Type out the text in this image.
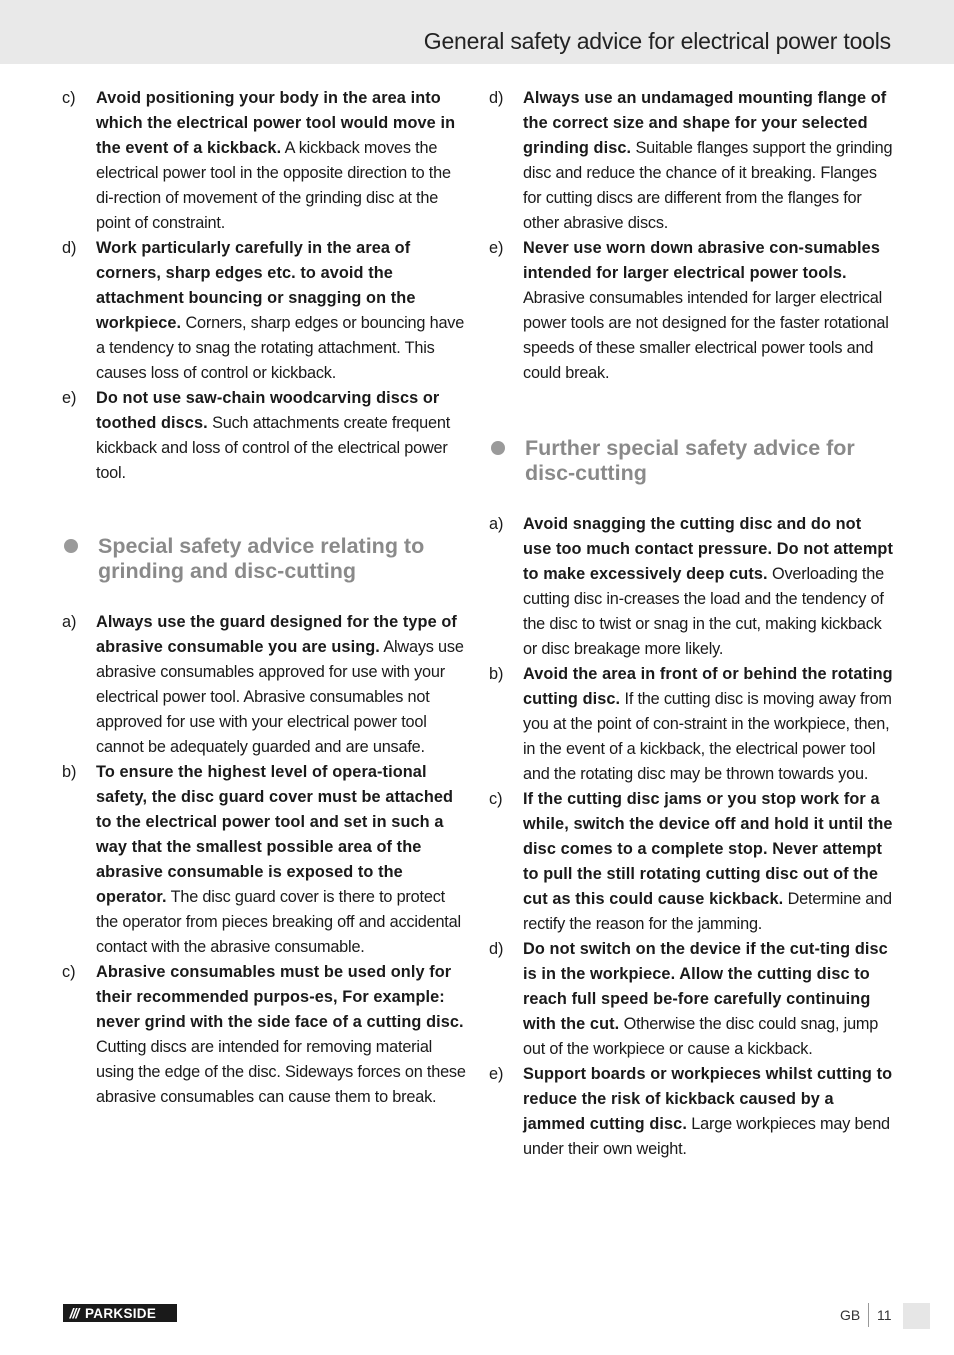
General safety advice for electrical power tools
c)	Avoid positioning your body in the area into which the electrical power tool would move in the event of a kickback. A kickback moves the electrical power tool in the opposite direction to the di-rection of movement of the grinding disc at the point of constraint.
d)	Work particularly carefully in the area of corners, sharp edges etc. to avoid the attachment bouncing or snagging on the workpiece. Corners, sharp edges or bouncing have a tendency to snag the rotating attachment. This causes loss of control or kickback.
e)	Do not use saw-chain woodcarving discs or toothed discs. Such attachments create frequent kickback and loss of control of the electrical power tool.
Special safety advice relating to grinding and disc-cutting
a)	Always use the guard designed for the type of abrasive consumable you are using. Always use abrasive consumables approved for use with your electrical power tool. Abrasive consumables not approved for use with your electrical power tool cannot be adequately guarded and are unsafe.
b)	To ensure the highest level of opera-tional safety, the disc guard cover must be attached to the electrical power tool and set in such a way that the smallest possible area of the abrasive consumable is exposed to the operator. The disc guard cover is there to protect the operator from pieces breaking off and accidental contact with the abrasive consumable.
c)	Abrasive consumables must be used only for their recommended purpos-es, For example: never grind with the side face of a cutting disc. Cutting discs are intended for removing material using the edge of the disc. Sideways forces on these abrasive consumables can cause them to break.
d)	Always use an undamaged mounting flange of the correct size and shape for your selected grinding disc. Suitable flanges support the grinding disc and reduce the chance of it breaking. Flanges for cutting discs are different from the flanges for other abrasive discs.
e)	Never use worn down abrasive con-sumables intended for larger electrical power tools. Abrasive consumables intended for larger electrical power tools are not designed for the faster rotational speeds of these smaller electrical power tools and could break.
Further special safety advice for disc-cutting
a)	Avoid snagging the cutting disc and do not use too much contact pressure. Do not attempt to make excessively deep cuts. Overloading the cutting disc in-creases the load and the tendency of the disc to twist or snag in the cut, making kickback or disc breakage more likely.
b)	Avoid the area in front of or behind the rotating cutting disc. If the cutting disc is moving away from you at the point of con-straint in the workpiece, then, in the event of a kickback, the electrical power tool and the rotating disc may be thrown towards you.
c)	If the cutting disc jams or you stop work for a while, switch the device off and hold it until the disc comes to a complete stop. Never attempt to pull the still rotating cutting disc out of the cut as this could cause kickback. Determine and rectify the reason for the jamming.
d)	Do not switch on the device if the cut-ting disc is in the workpiece. Allow the cutting disc to reach full speed be-fore carefully continuing with the cut. Otherwise the disc could snag, jump out of the workpiece or cause a kickback.
e)	Support boards or workpieces whilst cutting to reduce the risk of kickback caused by a jammed cutting disc. Large workpieces may bend under their own weight.
/// PARKSIDE	GB 11
